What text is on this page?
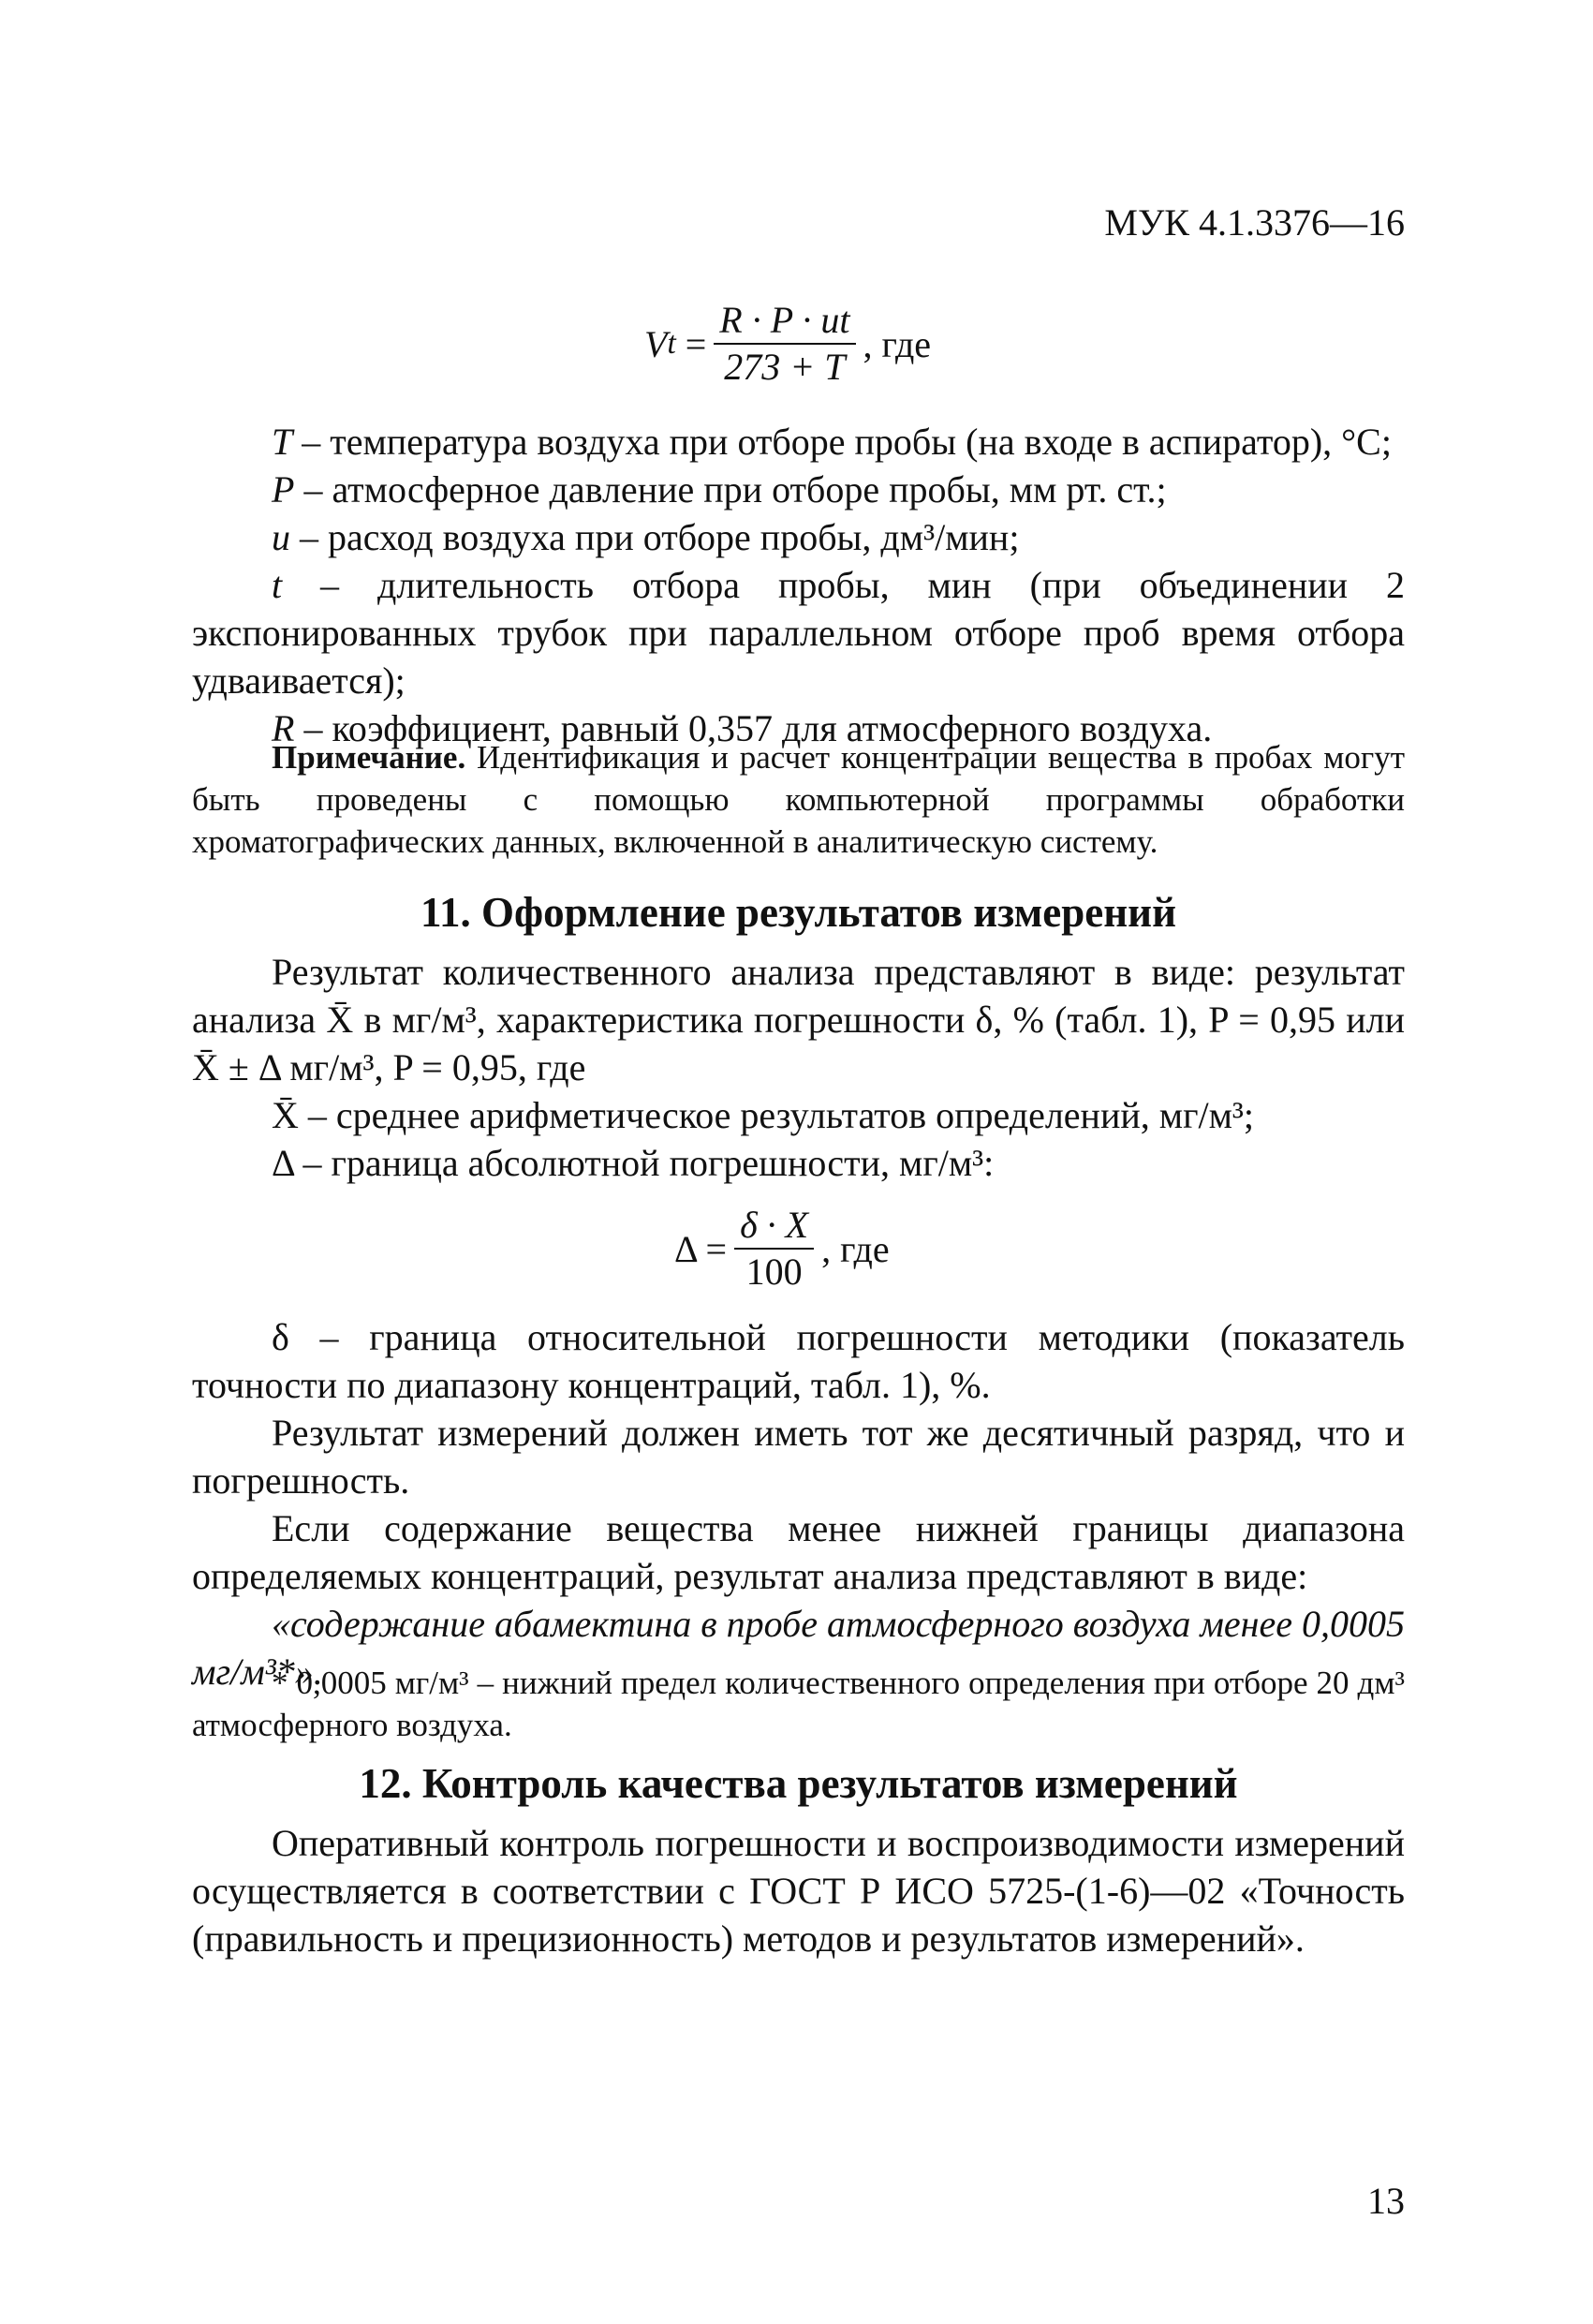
МУК 4.1.3376—16
V $t = \frac{R \cdot P \cdot ut}{273 + T}$ , где

T – температура воздуха при отборе пробы (на входе в аспиратор), °С;

P – атмосферное давление при отборе пробы, мм рт. ст.;

u – расход воздуха при отборе пробы, дм³/мин;

t – длительность отбора пробы, мин (при объединении 2 экспонированных трубок при параллельном отборе проб время отбора удваивается);

R – коэффициент, равный 0,357 для атмосферного воздуха.

Примечание. Идентификация и расчет концентрации вещества в пробах могут быть проведены с помощью компьютерной программы обработки хроматографических данных, включенной в аналитическую систему.

11. Оформление результатов измерений

Результат количественного анализа представляют в виде: результат анализа X̄ в мг/м³, характеристика погрешности δ, % (табл. 1), P = 0,95 или X̄ ± Δ мг/м³, P = 0,95, где

X̄ – среднее арифметическое результатов определений, мг/м³;

Δ – граница абсолютной погрешности, мг/м³:

$\Delta = \frac{\delta \cdot X}{100}$ , где

δ – граница относительной погрешности методики (показатель точности по диапазону концентраций, табл. 1), %.

Результат измерений должен иметь тот же десятичный разряд, что и погрешность.

Если содержание вещества менее нижней границы диапазона определяемых концентраций, результат анализа представляют в виде:

«содержание абамектина в пробе атмосферного воздуха менее 0,0005 мг/м³*».

* 0,0005 мг/м³ – нижний предел количественного определения при отборе 20 дм³ атмосферного воздуха.

12. Контроль качества результатов измерений

Оперативный контроль погрешности и воспроизводимости измерений осуществляется в соответствии с ГОСТ Р ИСО 5725-(1-6)—02 «Точность (правильность и прецизионность) методов и результатов измерений».

13
